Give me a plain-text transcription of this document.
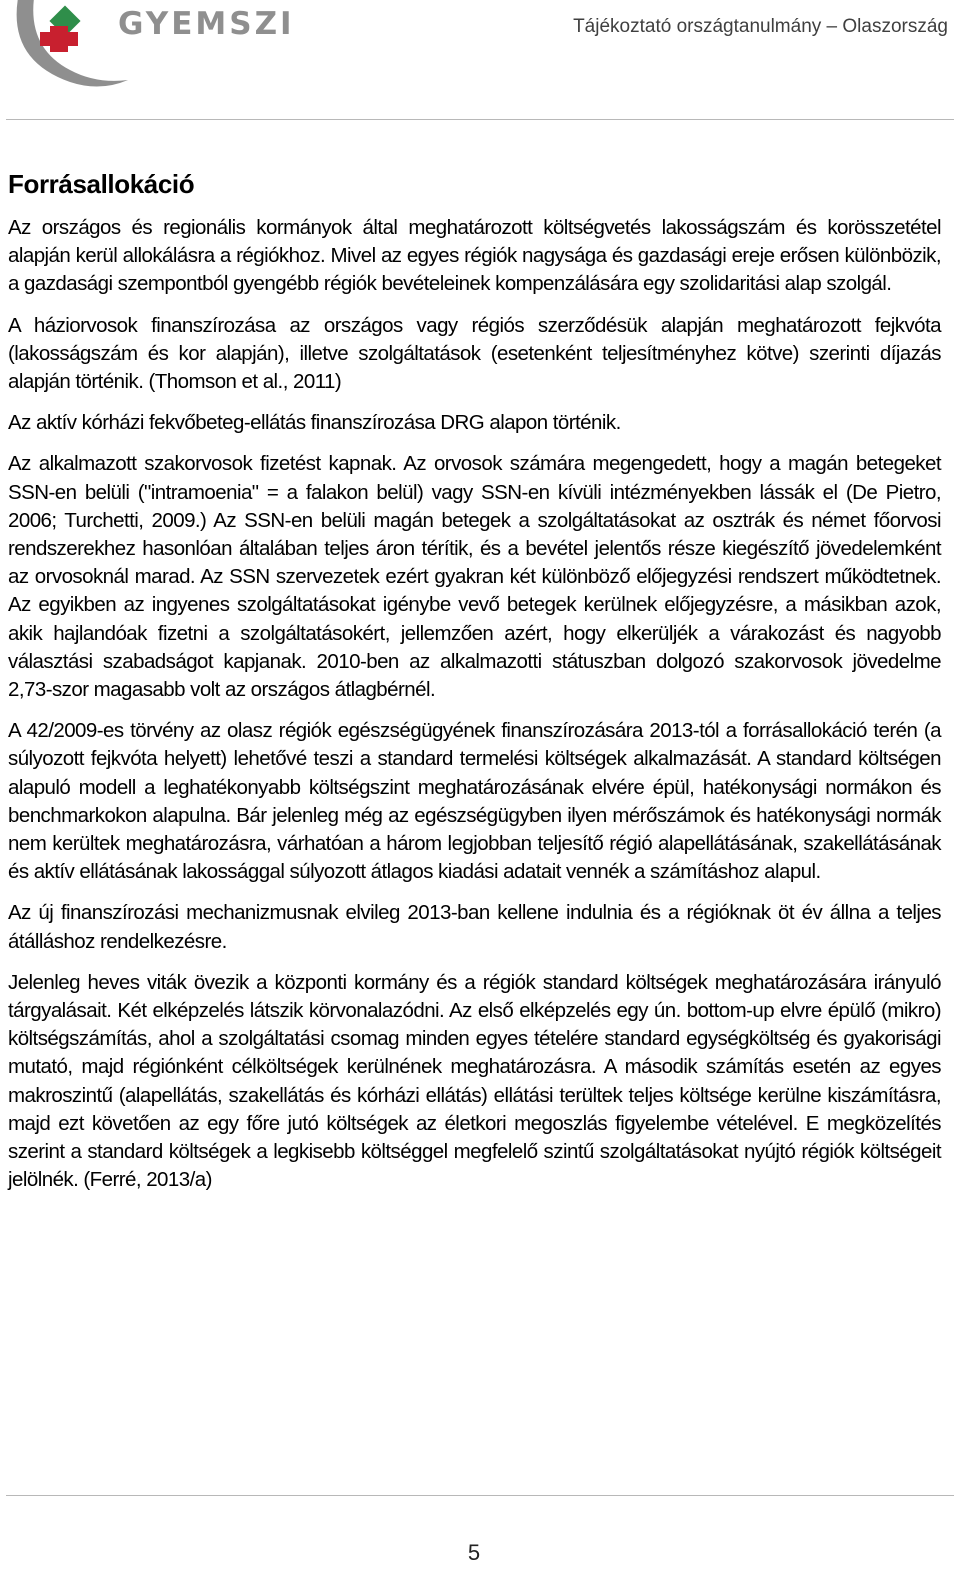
GYEMSZI	Tájékoztató országtanulmány – Olaszország
Forrásallokáció

Az országos és regionális kormányok által meghatározott költségvetés lakosságszám és korösszetétel alapján kerül allokálásra a régiókhoz. Mivel az egyes régiók nagysága és gazdasági ereje erősen különbözik, a gazdasági szempontból gyengébb régiók bevételeinek kompenzálására egy szolidaritási alap szolgál.

A háziorvosok finanszírozása az országos vagy régiós szerződésük alapján meghatározott fejkvóta (lakosságszám és kor alapján), illetve szolgáltatások (esetenként teljesítményhez kötve) szerinti díjazás alapján történik. (Thomson et al., 2011)

Az aktív kórházi fekvőbeteg-ellátás finanszírozása DRG alapon történik.

Az alkalmazott szakorvosok fizetést kapnak. Az orvosok számára megengedett, hogy a magán betegeket SSN-en belüli ("intramoenia" = a falakon belül) vagy SSN-en kívüli intézményekben lássák el (De Pietro, 2006; Turchetti, 2009.) Az SSN-en belüli magán betegek a szolgáltatásokat az osztrák és német főorvosi rendszerekhez hasonlóan általában teljes áron térítik, és a bevétel jelentős része kiegészítő jövedelemként az orvosoknál marad. Az SSN szervezetek ezért gyakran két különböző előjegyzési rendszert működtetnek. Az egyikben az ingyenes szolgáltatásokat igénybe vevő betegek kerülnek előjegyzésre, a másikban azok, akik hajlandóak fizetni a szolgáltatásokért, jellemzően azért, hogy elkerüljék a várakozást és nagyobb választási szabadságot kapjanak. 2010-ben az alkalmazotti státuszban dolgozó szakorvosok jövedelme 2,73-szor magasabb volt az országos átlagbérnél.

A 42/2009-es törvény az olasz régiók egészségügyének finanszírozására 2013-tól a forrásallokáció terén (a súlyozott fejkvóta helyett) lehetővé teszi a standard termelési költségek alkalmazását. A standard költségen alapuló modell a leghatékonyabb költségszint meghatározásának elvére épül, hatékonysági normákon és benchmarkokon alapulna. Bár jelenleg még az egészségügyben ilyen mérőszámok és hatékonysági normák nem kerültek meghatározásra, várhatóan a három legjobban teljesítő régió alapellátásának, szakellátásának és aktív ellátásának lakossággal súlyozott átlagos kiadási adatait vennék a számításhoz alapul.

Az új finanszírozási mechanizmusnak elvileg 2013-ban kellene indulnia és a régióknak öt év állna a teljes átálláshoz rendelkezésre.

Jelenleg heves viták övezik a központi kormány és a régiók standard költségek meghatározására irányuló tárgyalásait. Két elképzelés látszik körvonalazódni. Az első elképzelés egy ún. bottom-up elvre épülő (mikro) költségszámítás, ahol a szolgáltatási csomag minden egyes tételére standard egységköltség és gyakorisági mutató, majd régiónként célköltségek kerülnének meghatározásra. A második számítás esetén az egyes makroszintű (alapellátás, szakellátás és kórházi ellátás) ellátási terültek teljes költsége kerülne kiszámításra, majd ezt követően az egy főre jutó költségek az életkori megoszlás figyelembe vételével. E megközelítés szerint a standard költségek a legkisebb költséggel megfelelő szintű szolgáltatásokat nyújtó régiók költségeit jelölnék. (Ferré, 2013/a)

5
